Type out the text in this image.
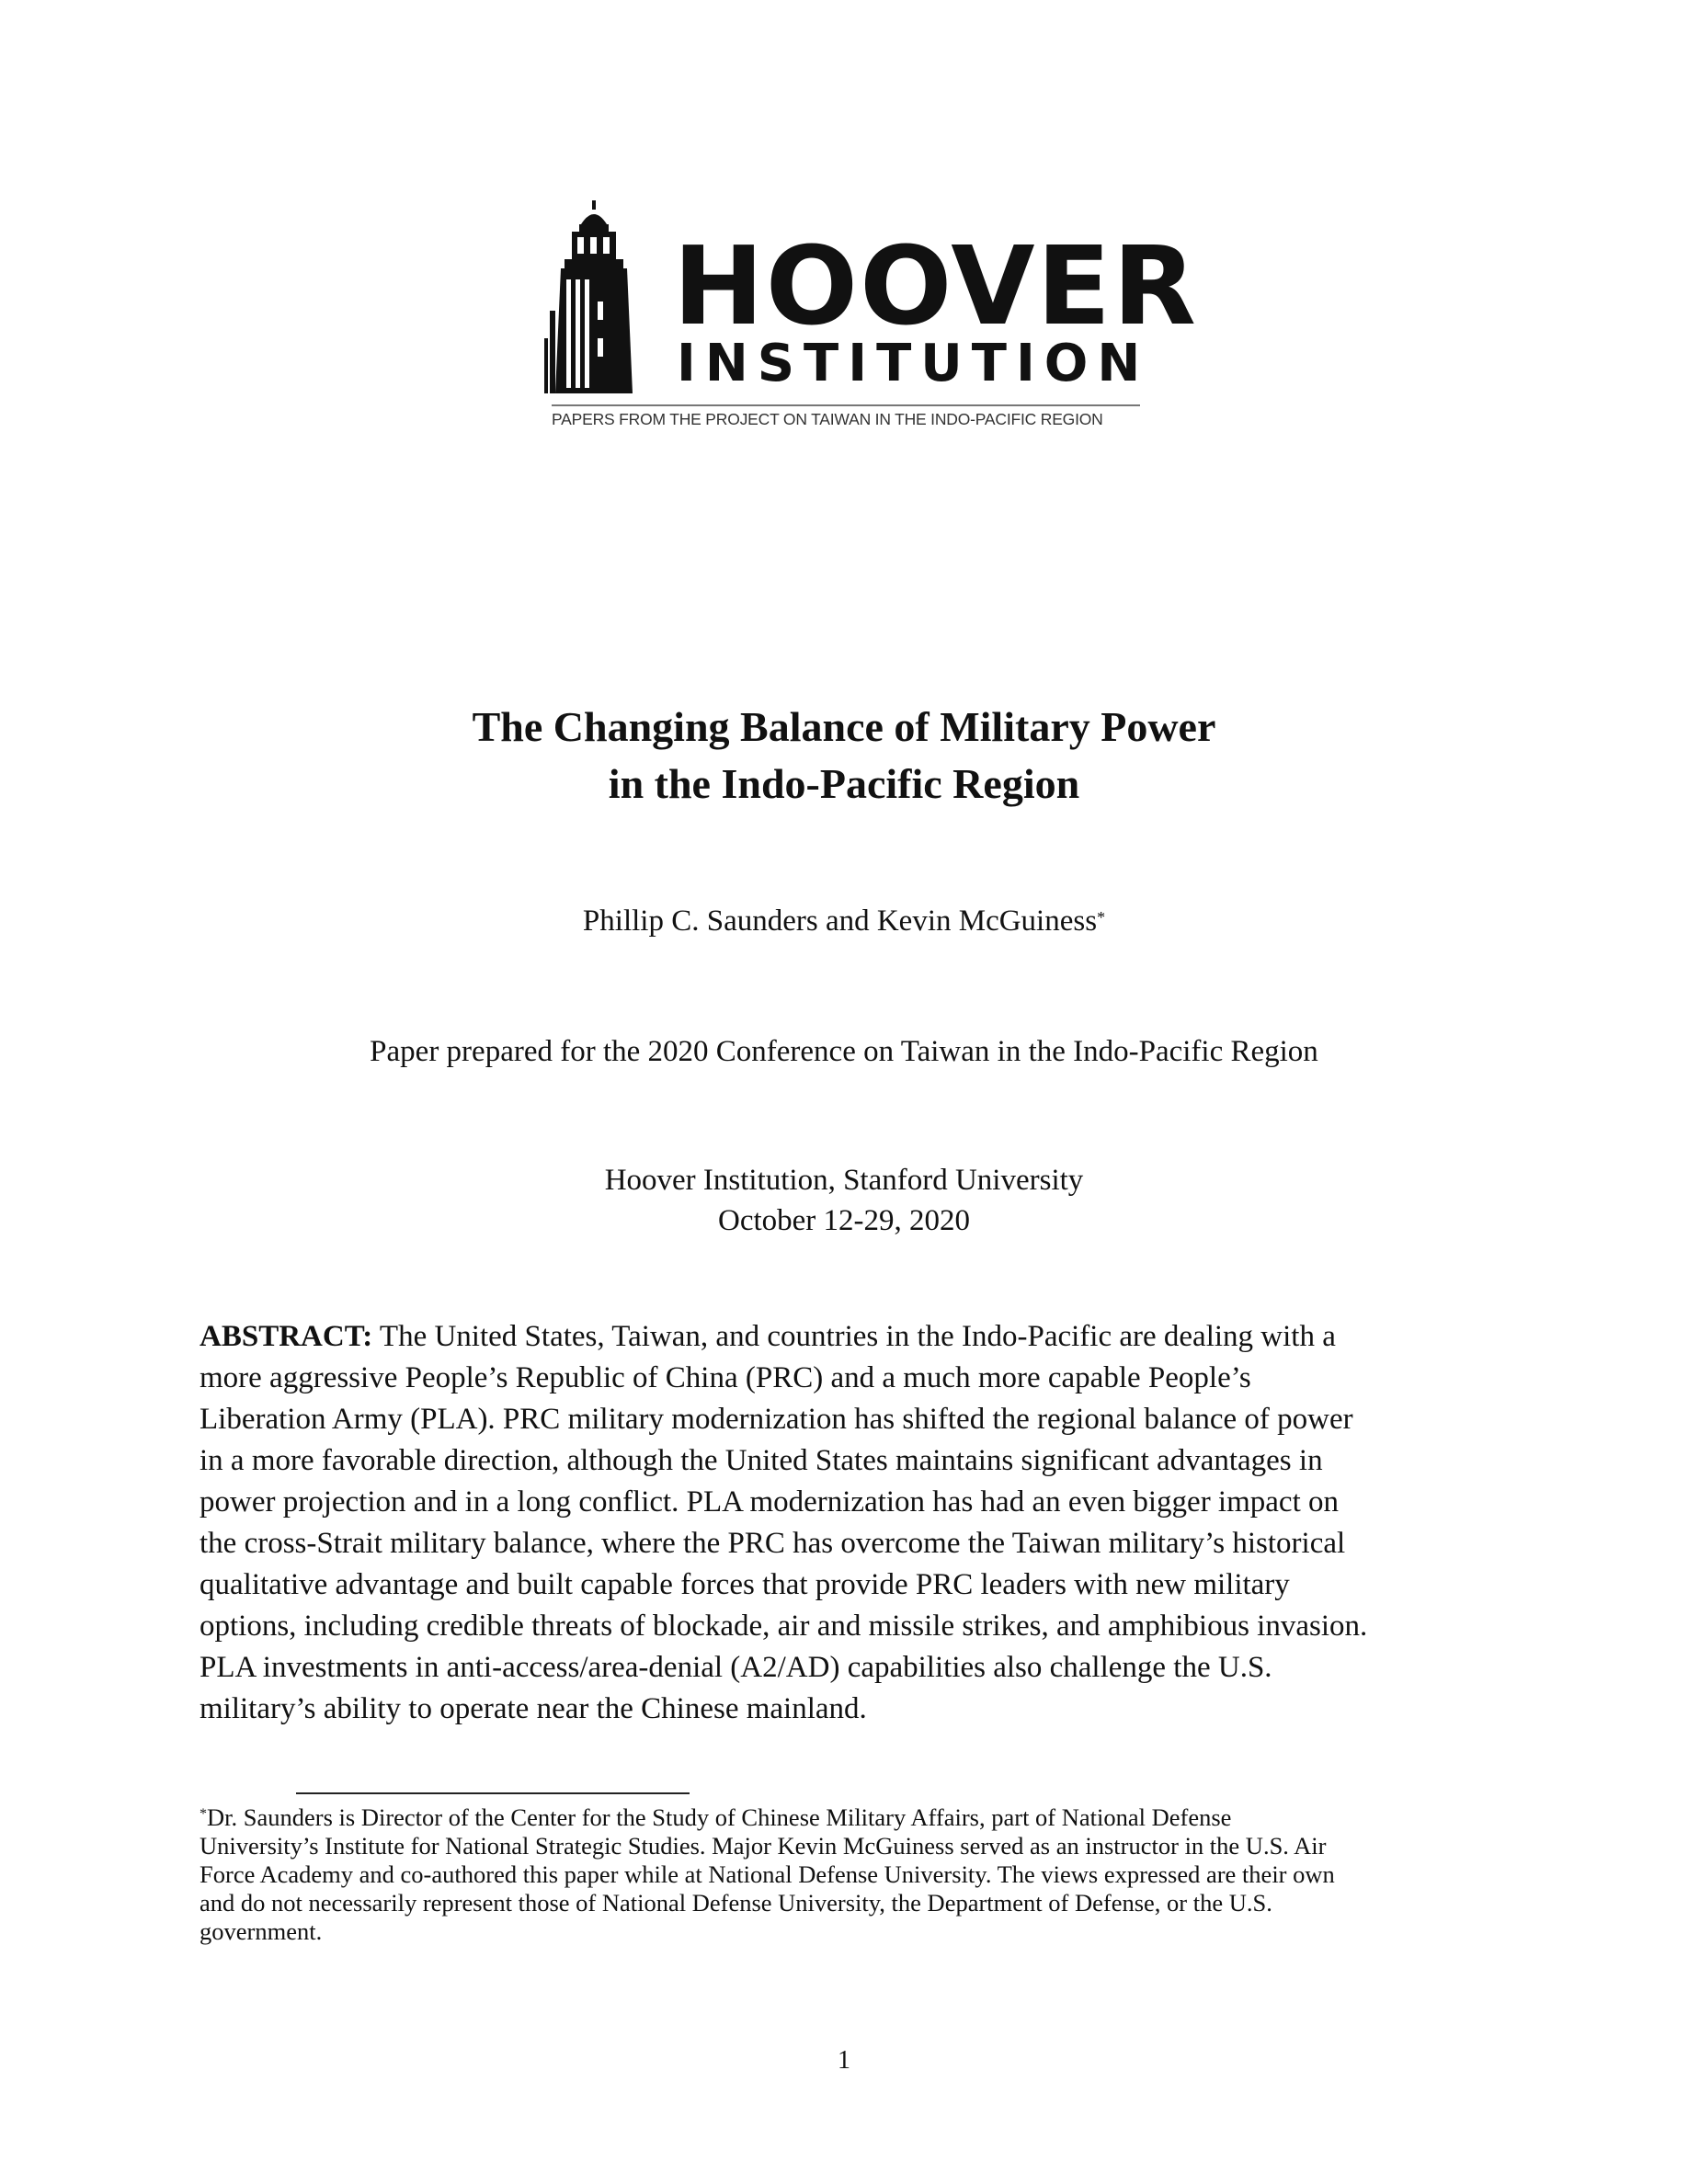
HOOVER
INSTITUTION
PAPERS FROM THE PROJECT ON TAIWAN IN THE INDO-PACIFIC REGION
The Changing Balance of Military Power
in the Indo-Pacific Region
Phillip C. Saunders and Kevin McGuiness*
Paper prepared for the 2020 Conference on Taiwan in the Indo-Pacific Region
Hoover Institution, Stanford University
October 12-29, 2020
ABSTRACT: The United States, Taiwan, and countries in the Indo-Pacific are dealing with a
more aggressive People’s Republic of China (PRC) and a much more capable People’s
Liberation Army (PLA). PRC military modernization has shifted the regional balance of power
in a more favorable direction, although the United States maintains significant advantages in
power projection and in a long conflict. PLA modernization has had an even bigger impact on
the cross-Strait military balance, where the PRC has overcome the Taiwan military’s historical
qualitative advantage and built capable forces that provide PRC leaders with new military
options, including credible threats of blockade, air and missile strikes, and amphibious invasion.
PLA investments in anti-access/area-denial (A2/AD) capabilities also challenge the U.S.
military’s ability to operate near the Chinese mainland.
*Dr. Saunders is Director of the Center for the Study of Chinese Military Affairs, part of National Defense
University’s Institute for National Strategic Studies. Major Kevin McGuiness served as an instructor in the U.S. Air
Force Academy and co-authored this paper while at National Defense University. The views expressed are their own
and do not necessarily represent those of National Defense University, the Department of Defense, or the U.S.
government.
1
